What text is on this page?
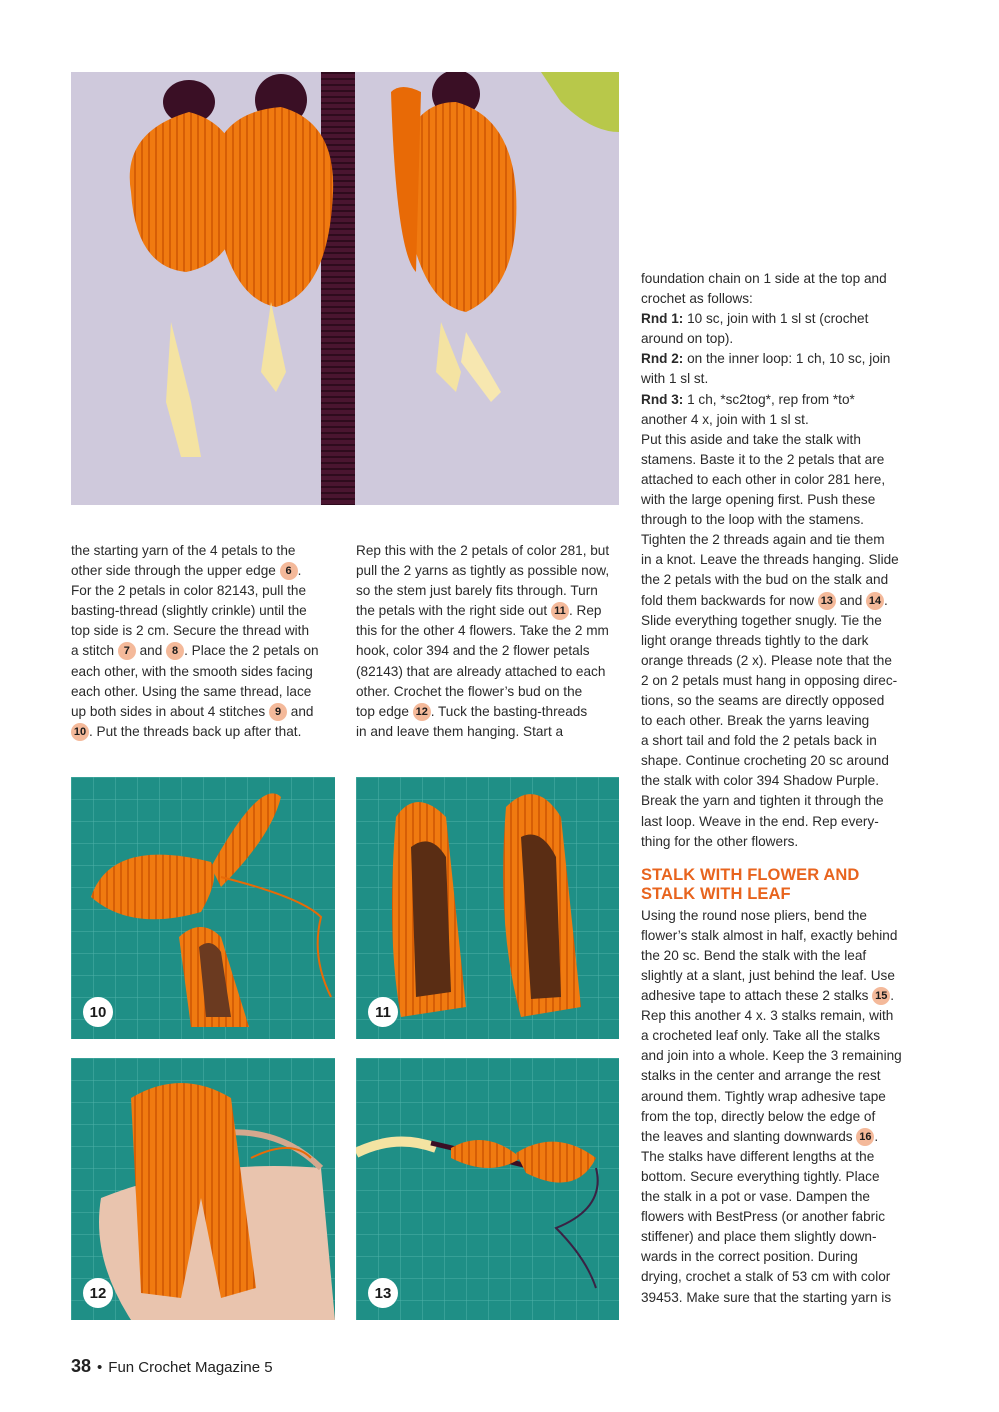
the starting yarn of the 4 petals to the

other side through the upper edge 6 .

For the 2 petals in color 82143, pull the

basting-thread (slightly crinkle) until the

top side is 2 cm. Secure the thread with

a stitch 7 and 8 . Place the 2 petals on

each other, with the smooth sides facing

each other. Using the same thread, lace

up both sides in about 4 stitches 9 and

10 . Put the threads back up after that.

Rep this with the 2 petals of color 281, but

pull the 2 yarns as tightly as possible now,

so the stem just barely fits through. Turn

the petals with the right side out 11 . Rep

this for the other 4 flowers. Take the 2 mm

hook, color 394 and the 2 flower petals

(82143) that are already attached to each

other. Crochet the flower’s bud on the

top edge 12 . Tuck the basting-threads

in and leave them hanging. Start a

foundation chain on 1 side at the top and

crochet as follows:

Rnd 1: 10 sc, join with 1 sl st (crochet

around on top).

Rnd 2: on the inner loop: 1 ch, 10 sc, join

with 1 sl st.

Rnd 3: 1 ch, *sc2tog*, rep from *to*

another 4 x, join with 1 sl st.

Put this aside and take the stalk with

stamens. Baste it to the 2 petals that are

attached to each other in color 281 here,

with the large opening first. Push these

through to the loop with the stamens.

Tighten the 2 threads again and tie them

in a knot. Leave the threads hanging. Slide

the 2 petals with the bud on the stalk and

fold them backwards for now 13 and 14 .

Slide everything together snugly. Tie the

light orange threads tightly to the dark

orange threads (2 x). Please note that the

2 on 2 petals must hang in opposing direc-

tions, so the seams are directly opposed

to each other. Break the yarns leaving

a short tail and fold the 2 petals back in

shape. Continue crocheting 20 sc around

the stalk with color 394 Shadow Purple.

Break the yarn and tighten it through the

last loop. Weave in the end. Rep every-

thing for the other flowers.

STALK WITH FLOWER AND
STALK WITH LEAF

Using the round nose pliers, bend the

flower’s stalk almost in half, exactly behind

the 20 sc. Bend the stalk with the leaf

slightly at a slant, just behind the leaf. Use

adhesive tape to attach these 2 stalks 15 .

Rep this another 4 x. 3 stalks remain, with

a crocheted leaf only. Take all the stalks

and join into a whole. Keep the 3 remaining

stalks in the center and arrange the rest

around them. Tightly wrap adhesive tape

from the top, directly below the edge of

the leaves and slanting downwards 16 .

The stalks have different lengths at the

bottom. Secure everything tightly. Place

the stalk in a pot or vase. Dampen the

flowers with BestPress (or another fabric

stiffener) and place them slightly down-

wards in the correct position. During

drying, crochet a stalk of 53 cm with color

39453. Make sure that the starting yarn is

10	11
12	13
38 • Fun Crochet Magazine 5
